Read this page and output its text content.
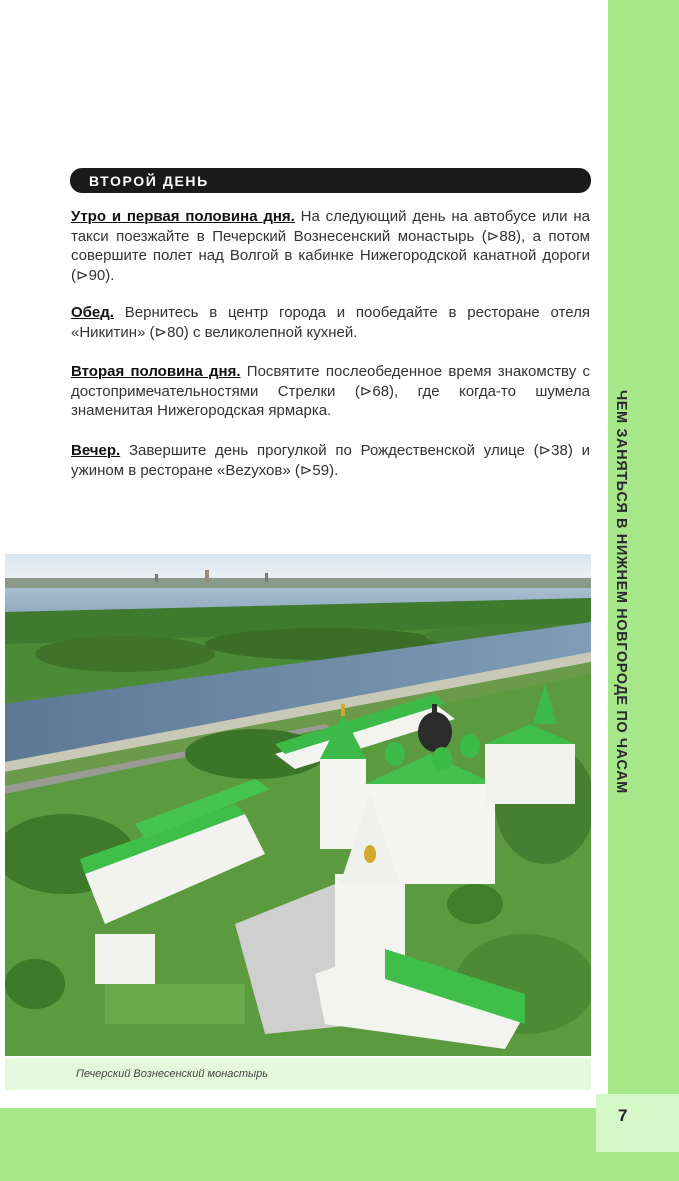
ЧЕМ ЗАНЯТЬСЯ В НИЖНЕМ НОВГОРОДЕ ПО ЧАСАМ
ВТОРОЙ ДЕНЬ

Утро и первая половина дня. На следующий день на автобусе или на такси поезжайте в Печерский Вознесенский монастырь (⊳88), а потом совершите полет над Волгой в кабинке Нижегородской канатной дороги (⊳90).

Обед. Вернитесь в центр города и пообедайте в ресторане отеля «Никитин» (⊳80) с великолепной кухней.

Вторая половина дня. Посвятите послеобеденное время знакомству с достопримечательностями Стрелки (⊳68), где когда-то шумела знаменитая Нижегородская ярмарка.

Вечер. Завершите день прогулкой по Рождественской улице (⊳38) и ужином в ресторане «Bezухов» (⊳59).

Печерский Вознесенский монастырь
7
